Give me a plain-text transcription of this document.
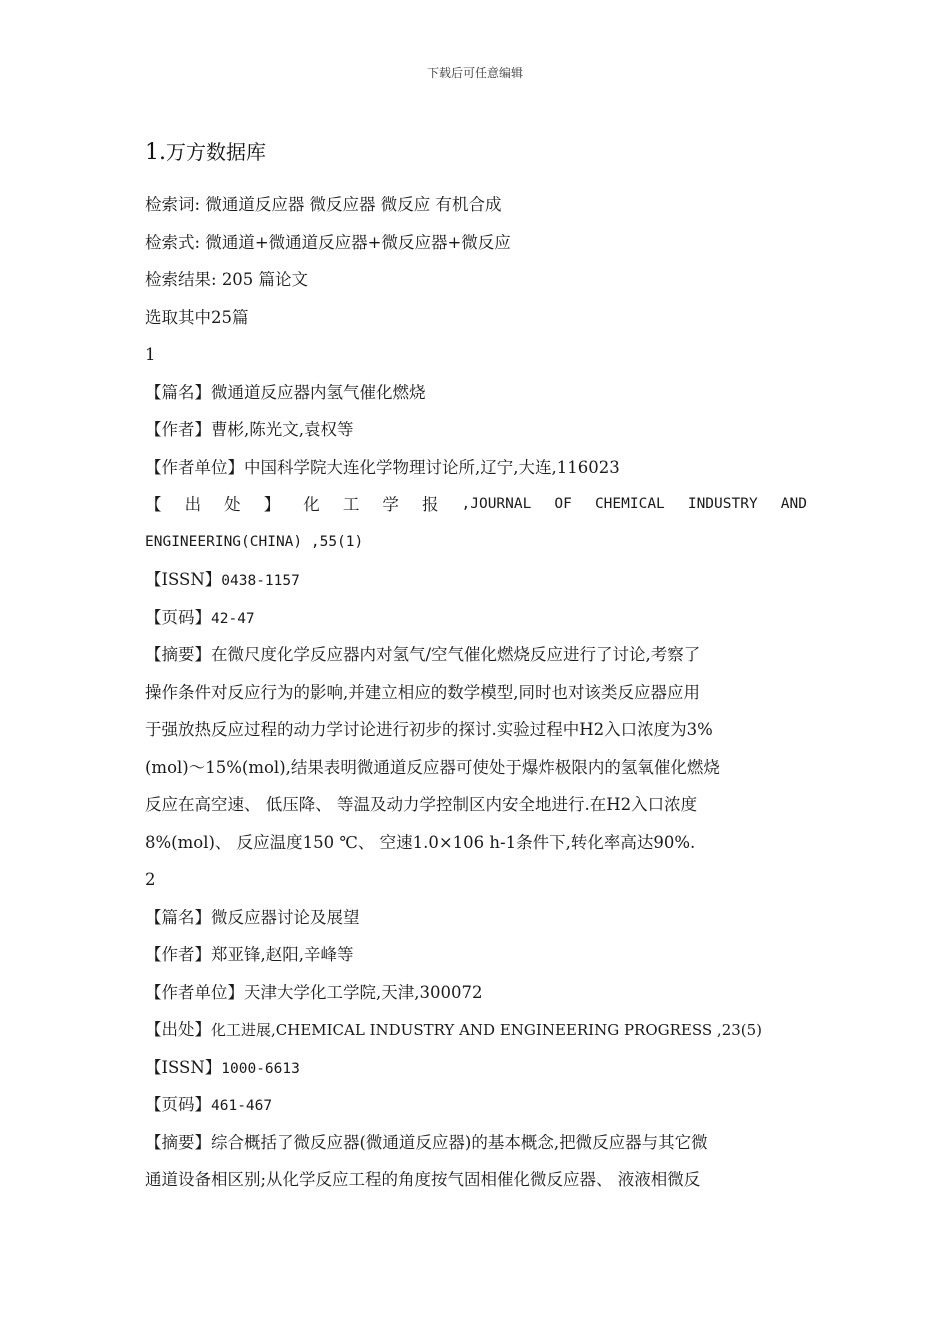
下载后可任意编辑
1.万方数据库
检索词: 微通道反应器 微反应器 微反应 有机合成
检索式: 微通道+微通道反应器+微反应器+微反应
检索结果: 205 篇论文
选取其中25篇
1
【篇名】微通道反应器内氢气催化燃烧
【作者】曹彬,陈光文,袁权等
【作者单位】中国科学院大连化学物理讨论所,辽宁,大连,116023
【 出 处 】 化 工 学 报 ,JOURNAL OF CHEMICAL INDUSTRY AND
ENGINEERING(CHINA) ,55(1)
【ISSN】0438-1157
【页码】42-47
【摘要】在微尺度化学反应器内对氢气/空气催化燃烧反应进行了讨论,考察了
操作条件对反应行为的影响,并建立相应的数学模型,同时也对该类反应器应用
于强放热反应过程的动力学讨论进行初步的探讨.实验过程中H2入口浓度为3%
(mol)～15%(mol),结果表明微通道反应器可使处于爆炸极限内的氢氧催化燃烧
反应在高空速、 低压降、 等温及动力学控制区内安全地进行.在H2入口浓度
8%(mol)、 反应温度150 ℃、 空速1.0×106 h-1条件下,转化率高达90%.
2
【篇名】微反应器讨论及展望
【作者】郑亚锋,赵阳,辛峰等
【作者单位】天津大学化工学院,天津,300072
【出处】化工进展,CHEMICAL INDUSTRY AND ENGINEERING PROGRESS ,23(5)
【ISSN】1000-6613
【页码】461-467
【摘要】综合概括了微反应器(微通道反应器)的基本概念,把微反应器与其它微
通道设备相区别;从化学反应工程的角度按气固相催化微反应器、 液液相微反
